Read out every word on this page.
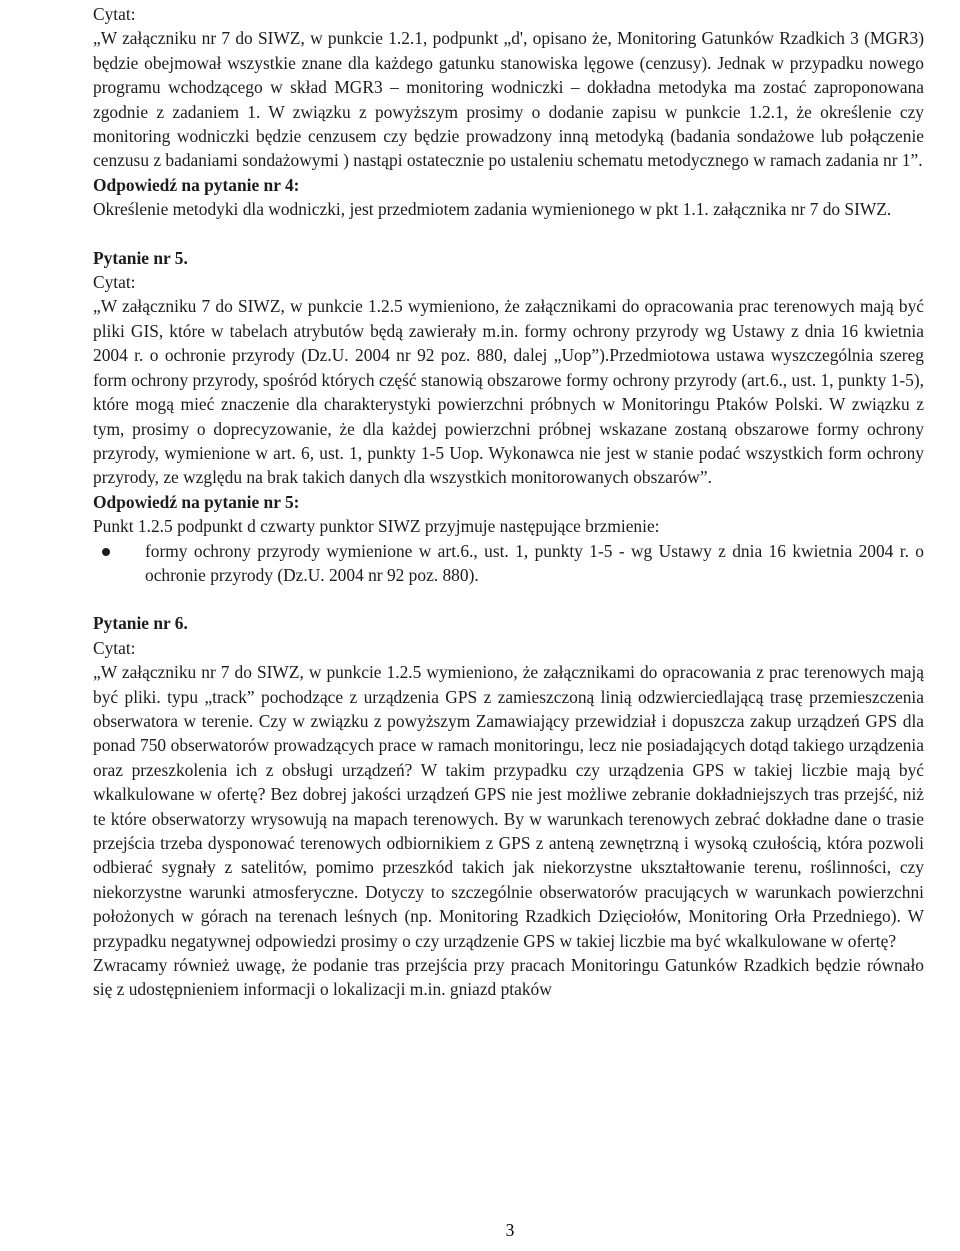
Cytat:

„W załączniku nr 7 do SIWZ, w punkcie 1.2.1, podpunkt „d', opisano że, Monitoring Gatunków Rzadkich 3 (MGR3) będzie obejmował wszystkie znane dla każdego gatunku stanowiska lęgowe (cenzusy). Jednak w przypadku nowego programu wchodzącego w skład MGR3 – monitoring wodniczki – dokładna metodyka ma zostać zaproponowana zgodnie z zadaniem 1. W związku z powyższym prosimy o dodanie zapisu w punkcie 1.2.1, że określenie czy monitoring wodniczki będzie cenzusem czy będzie prowadzony inną metodyką (badania sondażowe lub połączenie cenzusu z badaniami sondażowymi ) nastąpi ostatecznie po ustaleniu schematu metodycznego w ramach zadania nr 1”.

Odpowiedź na pytanie nr 4:

Określenie metodyki dla wodniczki, jest przedmiotem zadania wymienionego w pkt 1.1. załącznika nr 7 do SIWZ.

Pytanie nr 5.

Cytat:

„W załączniku 7 do SIWZ, w punkcie 1.2.5 wymieniono, że załącznikami do opracowania prac terenowych mają być pliki GIS, które w tabelach atrybutów będą zawierały m.in. formy ochrony przyrody wg Ustawy z dnia 16 kwietnia 2004 r. o ochronie przyrody (Dz.U. 2004 nr 92 poz. 880, dalej „Uop”).Przedmiotowa ustawa wyszczególnia szereg form ochrony przyrody, spośród których część stanowią obszarowe formy ochrony przyrody (art.6., ust. 1, punkty 1-5), które mogą mieć znaczenie dla charakterystyki powierzchni próbnych w Monitoringu Ptaków Polski. W związku z tym, prosimy o doprecyzowanie, że dla każdej powierzchni próbnej wskazane zostaną obszarowe formy ochrony przyrody, wymienione w art. 6, ust. 1, punkty 1-5 Uop. Wykonawca nie jest w stanie podać wszystkich form ochrony przyrody, ze względu na brak takich danych dla wszystkich monitorowanych obszarów”.

Odpowiedź na pytanie nr 5:

Punkt 1.2.5 podpunkt d czwarty punktor SIWZ przyjmuje następujące brzmienie:

formy ochrony przyrody wymienione w art.6., ust. 1, punkty 1-5 - wg Ustawy z dnia 16 kwietnia 2004 r. o ochronie przyrody (Dz.U. 2004 nr 92 poz. 880).

Pytanie nr 6.

Cytat:

„W załączniku nr 7 do SIWZ, w punkcie 1.2.5 wymieniono, że załącznikami do opracowania z prac terenowych mają być pliki. typu „track” pochodzące z urządzenia GPS z zamieszczoną linią odzwierciedlającą trasę przemieszczenia obserwatora w terenie. Czy w związku z powyższym Zamawiający przewidział i dopuszcza zakup urządzeń GPS dla ponad 750 obserwatorów prowadzących prace w ramach monitoringu, lecz nie posiadających dotąd takiego urządzenia oraz przeszkolenia ich z obsługi urządzeń? W takim przypadku czy urządzenia GPS w takiej liczbie mają być wkalkulowane w ofertę? Bez dobrej jakości urządzeń GPS nie jest możliwe zebranie dokładniejszych tras przejść, niż te które obserwatorzy wrysowują na mapach terenowych. By w warunkach terenowych zebrać dokładne dane o trasie przejścia trzeba dysponować terenowych odbiornikiem z GPS z anteną zewnętrzną i wysoką czułością, która pozwoli odbierać sygnały z satelitów, pomimo przeszkód takich jak niekorzystne ukształtowanie terenu, roślinności, czy niekorzystne warunki atmosferyczne. Dotyczy to szczególnie obserwatorów pracujących w warunkach powierzchni położonych w górach na terenach leśnych (np. Monitoring Rzadkich Dzięciołów, Monitoring Orła Przedniego). W przypadku negatywnej odpowiedzi prosimy o czy urządzenie GPS w takiej liczbie ma być wkalkulowane w ofertę?

Zwracamy również uwagę, że podanie tras przejścia przy pracach Monitoringu Gatunków Rzadkich będzie równało się z udostępnieniem informacji o lokalizacji m.in. gniazd ptaków

3
